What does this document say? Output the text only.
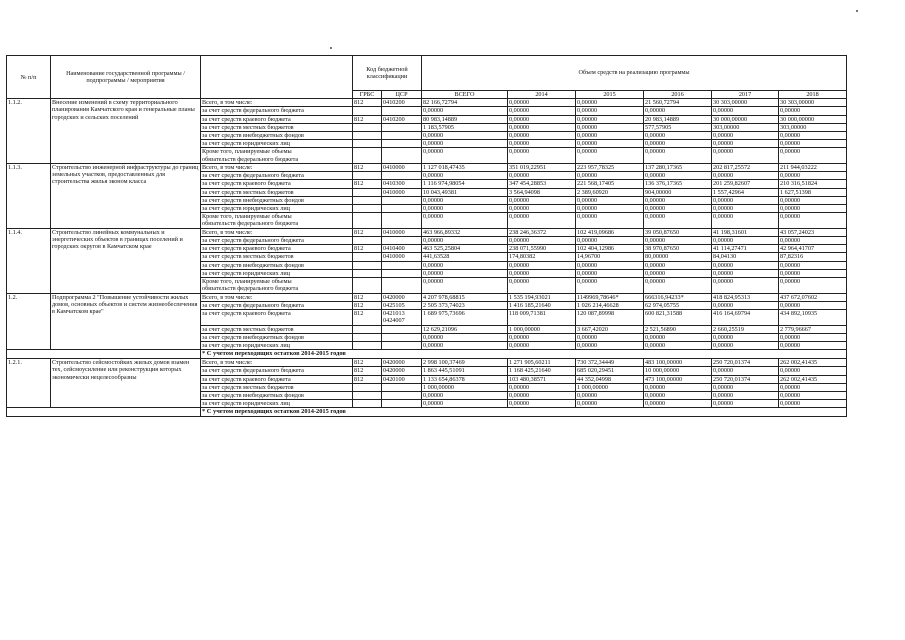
№ п/п	Наименование государственной программы / подпрограммы / мероприятия		Код бюджетной классификации		Объем средств на реализацию программы					
			ГРБС	ЦСР	ВСЕГО	2014	2015	2016	2017	2018
1.1.2.	Внесение изменений в схему территориального планирования Камчатского края и генеральные планы городских и сельских поселений	Всего, в том числе:	812	0410200	82 166,72794	0,00000	0,00000	21 560,72794	30 303,00000	30 303,00000
		за счет средств федерального бюджета			0,00000	0,00000	0,00000	0,00000	0,00000	0,00000
		за счет средств краевого бюджета	812	0410200	80 983,14889	0,00000	0,00000	20 983,14889	30 000,00000	30 000,00000
		за счет средств местных бюджетов			1 183,57905	0,00000	0,00000	577,57905	303,00000	303,00000
		за счет средств внебюджетных фондов			0,00000	0,00000	0,00000	0,00000	0,00000	0,00000
		за счет средств юридических лиц			0,00000	0,00000	0,00000	0,00000	0,00000	0,00000
		Кроме того, планируемые объемы
обязательств федерального бюджета			0,00000	0,00000	0,00000	0,00000	0,00000	0,00000
1.1.3.	Строительство инженерной инфраструктуры до границ земельных участков, предоставленных для строительства жилья эконом класса	Всего, в том числе:	812	0410000	1 127 018,47435	351 019,22951	223 957,78325	137 280,17365	202 817,25572	211 944,03222
		за счет средств федерального бюджета			0,00000	0,00000	0,00000	0,00000	0,00000	0,00000
		за счет средств краевого бюджета	812	0410300	1 116 974,98054	347 454,28853	221 568,17405	136 376,17365	201 259,82607	210 316,51824
		за счет средств местных бюджетов		0410000	10 043,49381	3 564,94098	2 389,60920	904,00000	1 557,42964	1 627,51398
		за счет средств внебюджетных фондов			0,00000	0,00000	0,00000	0,00000	0,00000	0,00000
		за счет средств юридических лиц			0,00000	0,00000	0,00000	0,00000	0,00000	0,00000
		Кроме того, планируемые объемы
обязательств федерального бюджета			0,00000	0,00000	0,00000	0,00000	0,00000	0,00000
1.1.4.	Строительство линейных коммунальных и энергетических объектов в границах поселений и городских округов в Камчатском крае	Всего, в том числе:	812	0410000	463 966,89332	238 246,36372	102 419,09686	39 050,87650	41 198,31601	43 057,24023
		за счет средств федерального бюджета			0,00000	0,00000	0,00000	0,00000	0,00000	0,00000
		за счет средств краевого бюджета	812	0410400	463 525,25804	238 071,55990	102 404,12986	38 970,87650	41 114,27471	42 964,41707
		за счет средств местных бюджетов		0410000	441,63528	174,80382	14,96700	80,00000	84,04130	87,82316
		за счет средств внебюджетных фондов			0,00000	0,00000	0,00000	0,00000	0,00000	0,00000
		за счет средств юридических лиц			0,00000	0,00000	0,00000	0,00000	0,00000	0,00000
		Кроме того, планируемые объемы
обязательств федерального бюджета			0,00000	0,00000	0,00000	0,00000	0,00000	0,00000
1.2.	Подпрограмма 2 "Повышение устойчивости жилых домов, основных объектов и систем жизнеобеспечения в Камчатском крае"	Всего, в том числе:	812	0420000	4 207 978,68815	1 535 194,93021	1149969,78646*	666316,94233*	418 824,95313	437 672,07602
		за счет средств федерального бюджета	812	0425105	2 505 373,74023	1 416 185,21640	1 026 214,46628	62 974,05755	0,00000	0,00000
		за счет средств краевого бюджета	812	0421013
0424007	1 689 975,73696	118 009,71381	120 087,89998	600 821,31588	416 164,69794	434 892,10935
		за счет средств местных бюджетов			12 629,21096	1 000,00000	3 667,42020	2 521,56890	2 660,25519	2 779,96667
		за счет средств внебюджетных фондов			0,00000	0,00000	0,00000	0,00000	0,00000	0,00000
		за счет средств юридических лиц			0,00000	0,00000	0,00000	0,00000	0,00000	0,00000
		* С учетом переходящих остатков 2014-2015 годов								
1.2.1.	Строительство сейсмостойких жилых домов взамен тех, сейсмоусиление или реконструкция которых экономически нецелесообразны	Всего, в том числе:	812	0420000	2 998 100,37469	1 271 905,60211	730 372,34449	483 100,00000	250 720,01374	262 002,41435
		за счет средств федерального бюджета	812	0420000	1 863 445,51091	1 168 425,21640	685 020,29451	10 000,00000	0,00000	0,00000
		за счет средств краевого бюджета	812	0420100	1 133 654,86378	103 480,38571	44 352,04998	473 100,00000	250 720,01374	262 002,41435
		за счет средств местных бюджетов			1 000,00000	0,00000	1 000,00000	0,00000	0,00000	0,00000
		за счет средств внебюджетных фондов			0,00000	0,00000	0,00000	0,00000	0,00000	0,00000
		за счет средств юридических лиц			0,00000	0,00000	0,00000	0,00000	0,00000	0,00000
		* С учетом переходящих остатков 2014-2015 годов								
